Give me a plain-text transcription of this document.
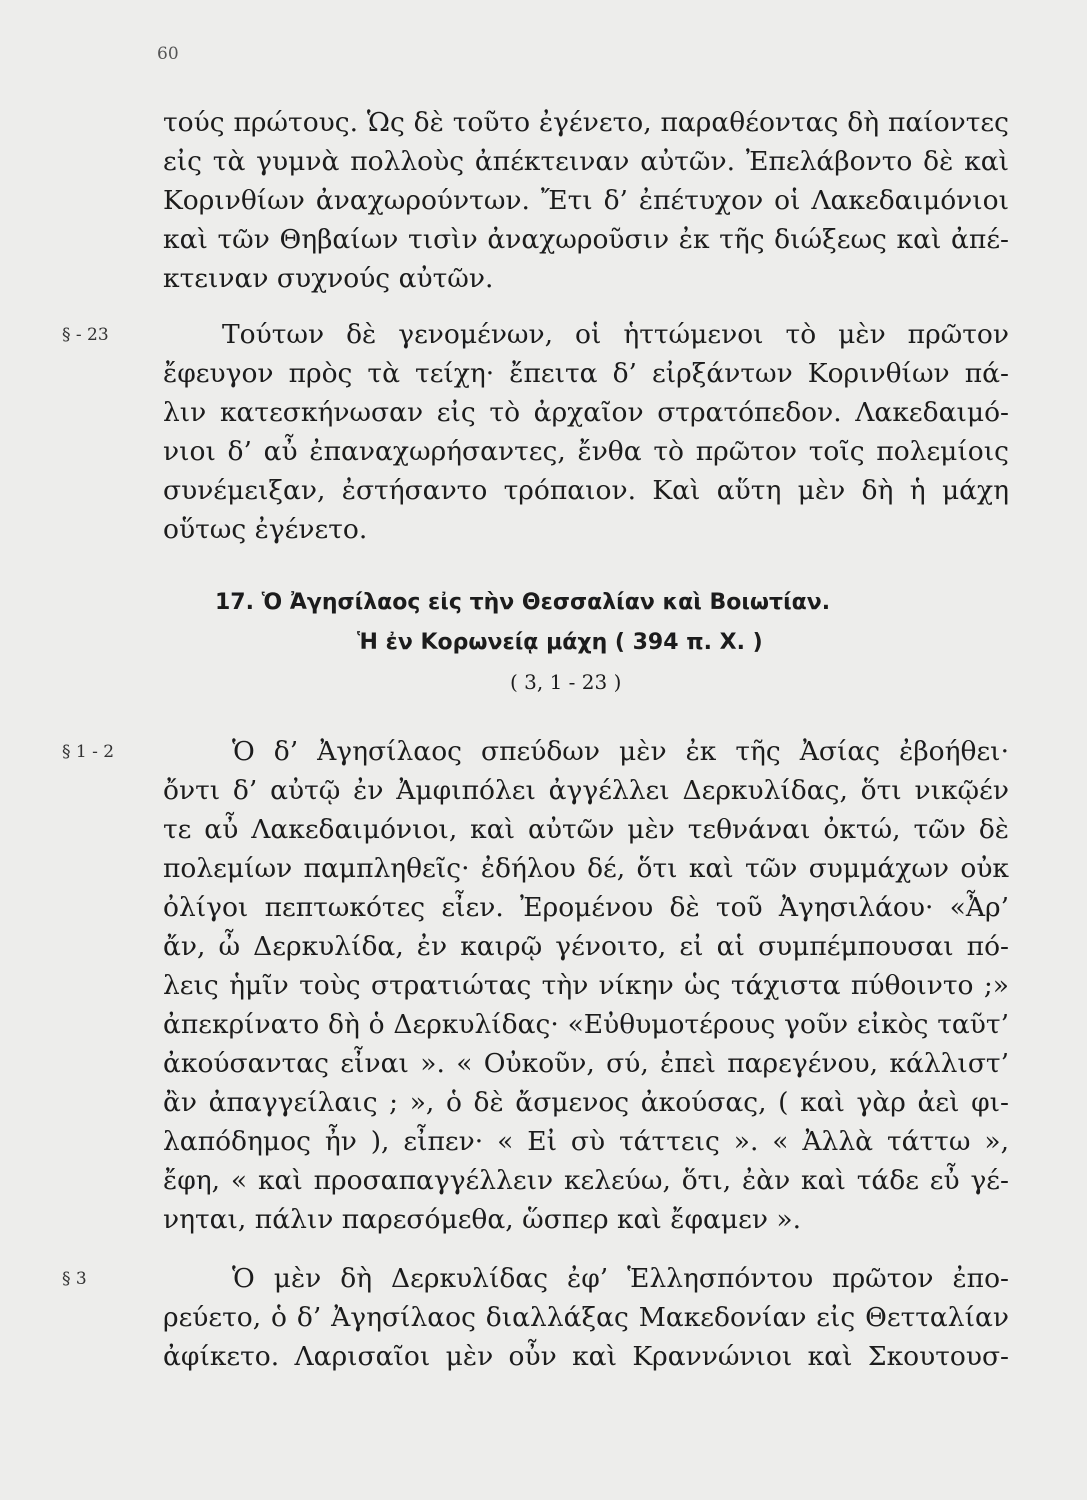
60
τούς πρώτους. Ὡς δὲ τοῦτο ἐγένετο, παραθέοντας δὴ παίοντες
εἰς τὰ γυμνὰ πολλοὺς ἀπέκτειναν αὐτῶν. Ἐπελάβοντο δὲ καὶ
Κορινθίων ἀναχωρούντων. Ἔτι δ’ ἐπέτυχον οἱ Λακεδαιμόνιοι
καὶ τῶν Θηβαίων τισὶν ἀναχωροῦσιν ἐκ τῆς διώξεως καὶ ἀπέ-
κτειναν συχνούς αὐτῶν.
§ - 23	Τούτων δὲ γενομένων, οἱ ἡττώμενοι τὸ μὲν πρῶτον
ἔφευγον πρὸς τὰ τείχη· ἔπειτα δ’ εἰρξάντων Κορινθίων πά-
λιν κατεσκήνωσαν εἰς τὸ ἀρχαῖον στρατόπεδον. Λακεδαιμό-
νιοι δ’ αὖ ἐπαναχωρήσαντες, ἔνθα τὸ πρῶτον τοῖς πολεμίοις
συνέμειξαν, ἐστήσαντο τρόπαιον. Καὶ αὕτη μὲν δὴ ἡ μάχη
οὕτως ἐγένετο.
17. Ὁ Ἀγησίλαος εἰς τὴν Θεσσαλίαν καὶ Βοιωτίαν.
Ἡ ἐν Κορωνείᾳ μάχη ( 394 π. Χ. )
( 3, 1 - 23 )
§ 1 - 2	Ὁ δ’ Ἀγησίλαος σπεύδων μὲν ἐκ τῆς Ἀσίας ἐβοήθει·
ὄντι δ’ αὐτῷ ἐν Ἀμφιπόλει ἀγγέλλει Δερκυλίδας, ὅτι νικῷέν
τε αὖ Λακεδαιμόνιοι, καὶ αὐτῶν μὲν τεθνάναι ὀκτώ, τῶν δὲ
πολεμίων παμπληθεῖς· ἐδήλου δέ, ὅτι καὶ τῶν συμμάχων οὐκ
ὀλίγοι πεπτωκότες εἶεν. Ἐρομένου δὲ τοῦ Ἀγησιλάου· «Ἆρ’
ἄν, ὦ Δερκυλίδα, ἐν καιρῷ γένοιτο, εἰ αἱ συμπέμπουσαι πό-
λεις ἡμῖν τοὺς στρατιώτας τὴν νίκην ὡς τάχιστα πύθοιντο ;»
ἀπεκρίνατο δὴ ὁ Δερκυλίδας· «Εὐθυμοτέρους γοῦν εἰκὸς ταῦτ’
ἀκούσαντας εἶναι ». « Οὐκοῦν, σύ, ἐπεὶ παρεγένου, κάλλιστ’
ἂν ἀπαγγείλαις ; », ὁ δὲ ἄσμενος ἀκούσας, ( καὶ γὰρ ἀεὶ φι-
λαπόδημος ἦν ), εἶπεν· « Εἰ σὺ τάττεις ». « Ἀλλὰ τάττω »,
ἔφη, « καὶ προσαπαγγέλλειν κελεύω, ὅτι, ἐὰν καὶ τάδε εὖ γέ-
νηται, πάλιν παρεσόμεθα, ὥσπερ καὶ ἔφαμεν ».
§ 3	Ὁ μὲν δὴ Δερκυλίδας ἐφ’ Ἑλλησπόντου πρῶτον ἐπο-
ρεύετο, ὁ δ’ Ἀγησίλαος διαλλάξας Μακεδονίαν εἰς Θετταλίαν
ἀφίκετο. Λαρισαῖοι μὲν οὖν καὶ Κραννώνιοι καὶ Σκουτουσ-
